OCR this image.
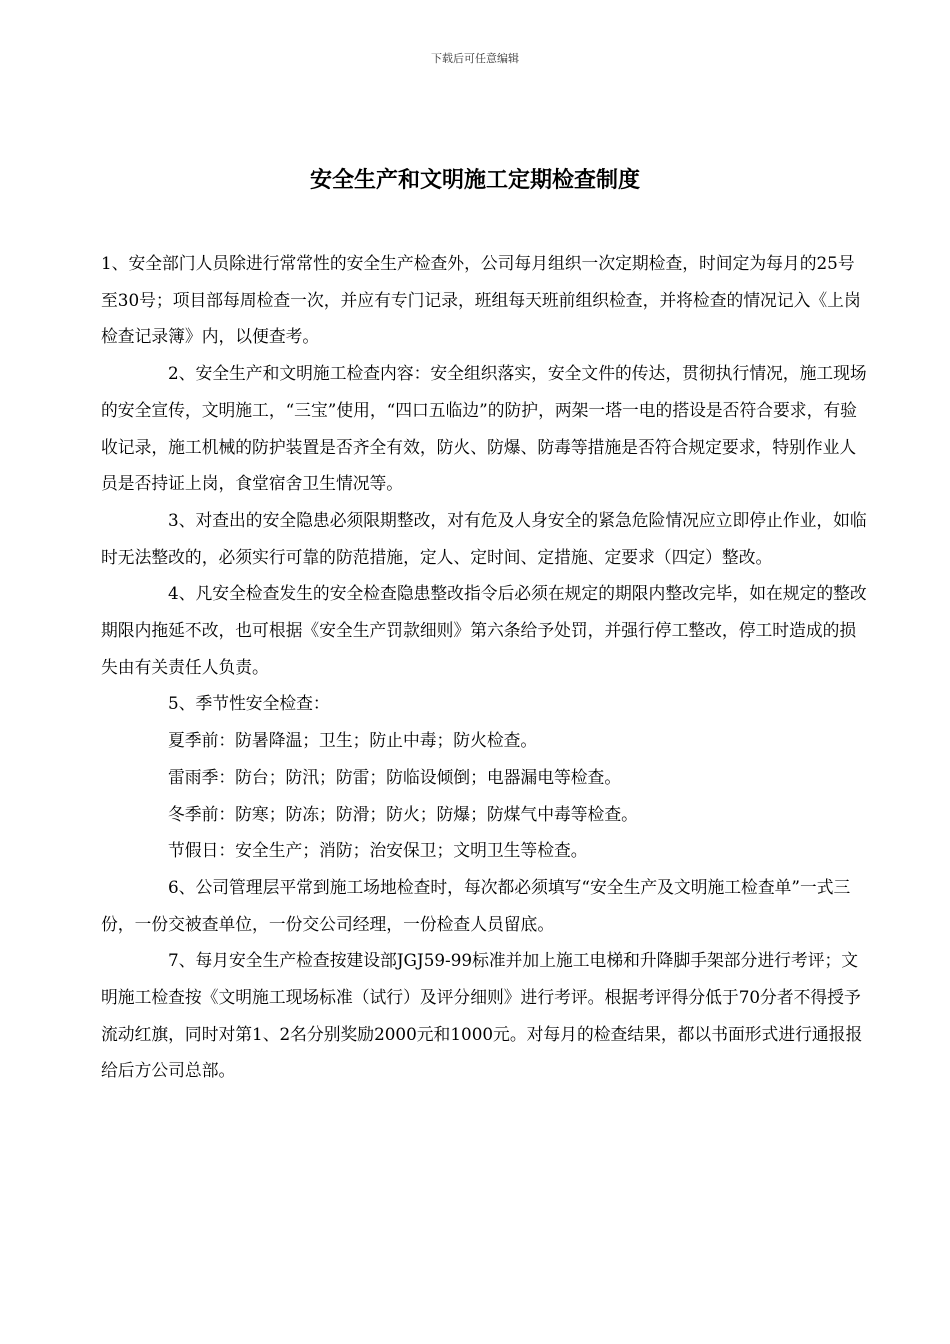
下载后可任意编辑
安全生产和文明施工定期检查制度

1、安全部门人员除进行常常性的安全生产检查外，公司每月组织一次定期检查，时间定为每月的25号至30号；项目部每周检查一次，并应有专门记录，班组每天班前组织检查，并将检查的情况记入《上岗检查记录簿》内，以便查考。

2、安全生产和文明施工检查内容：安全组织落实，安全文件的传达，贯彻执行情况，施工现场的安全宣传，文明施工，“三宝”使用，“四口五临边”的防护，两架一塔一电的搭设是否符合要求，有验收记录，施工机械的防护装置是否齐全有效，防火、防爆、防毒等措施是否符合规定要求，特别作业人员是否持证上岗，食堂宿舍卫生情况等。

3、对查出的安全隐患必须限期整改，对有危及人身安全的紧急危险情况应立即停止作业，如临时无法整改的，必须实行可靠的防范措施，定人、定时间、定措施、定要求（四定）整改。

4、凡安全检查发生的安全检查隐患整改指令后必须在规定的期限内整改完毕，如在规定的整改期限内拖延不改，也可根据《安全生产罚款细则》第六条给予处罚，并强行停工整改，停工时造成的损失由有关责任人负责。

5、季节性安全检查：

夏季前：防暑降温；卫生；防止中毒；防火检查。

雷雨季：防台；防汛；防雷；防临设倾倒；电器漏电等检查。

冬季前：防寒；防冻；防滑；防火；防爆；防煤气中毒等检查。

节假日：安全生产；消防；治安保卫；文明卫生等检查。

6、公司管理层平常到施工场地检查时，每次都必须填写“安全生产及文明施工检查单”一式三份，一份交被查单位，一份交公司经理，一份检查人员留底。

7、每月安全生产检查按建设部JGJ59-99标准并加上施工电梯和升降脚手架部分进行考评；文明施工检查按《文明施工现场标准（试行）及评分细则》进行考评。根据考评得分低于70分者不得授予流动红旗，同时对第1、2名分别奖励2000元和1000元。对每月的检查结果，都以书面形式进行通报报给后方公司总部。
